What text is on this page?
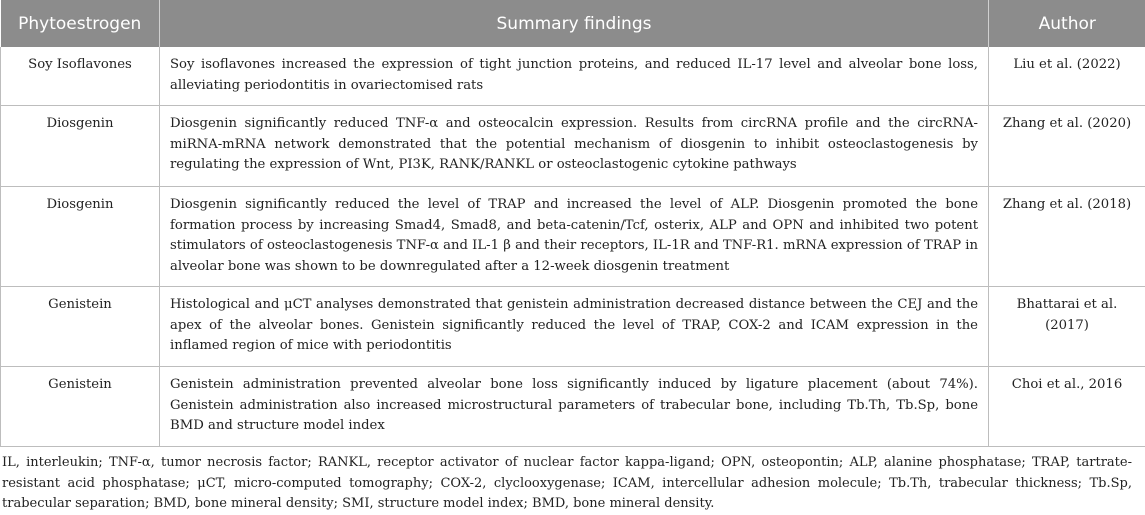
Phytoestrogen	Summary findings	Author
Soy Isoflavones	Soy isoflavones increased the expression of tight junction proteins, and reduced IL-17 level and alveolar bone loss, alleviating periodontitis in ovariectomised rats	Liu et al. (2022)
Diosgenin	Diosgenin significantly reduced TNF-α and osteocalcin expression. Results from circRNA profile and the circRNA-miRNA-mRNA network demonstrated that the potential mechanism of diosgenin to inhibit osteoclastogenesis by regulating the expression of Wnt, PI3K, RANK/RANKL or osteoclastogenic cytokine pathways	Zhang et al. (2020)
Diosgenin	Diosgenin significantly reduced the level of TRAP and increased the level of ALP. Diosgenin promoted the bone formation process by increasing Smad4, Smad8, and beta-catenin/Tcf, osterix, ALP and OPN and inhibited two potent stimulators of osteoclastogenesis TNF-α and IL-1 β and their receptors, IL-1R and TNF-R1. mRNA expression of TRAP in alveolar bone was shown to be downregulated after a 12-week diosgenin treatment	Zhang et al. (2018)
Genistein	Histological and μCT analyses demonstrated that genistein administration decreased distance between the CEJ and the apex of the alveolar bones. Genistein significantly reduced the level of TRAP, COX-2 and ICAM expression in the inflamed region of mice with periodontitis	Bhattarai et al. (2017)
Genistein	Genistein administration prevented alveolar bone loss significantly induced by ligature placement (about 74%). Genistein administration also increased microstructural parameters of trabecular bone, including Tb.Th, Tb.Sp, bone BMD and structure model index	Choi et al., 2016
IL, interleukin; TNF-α, tumor necrosis factor; RANKL, receptor activator of nuclear factor kappa-ligand; OPN, osteopontin; ALP, alanine phosphatase; TRAP, tartrate-resistant acid phosphatase; μCT, micro-computed tomography; COX-2, clyclooxygenase; ICAM, intercellular adhesion molecule; Tb.Th, trabecular thickness; Tb.Sp, trabecular separation; BMD, bone mineral density; SMI, structure model index; BMD, bone mineral density.
